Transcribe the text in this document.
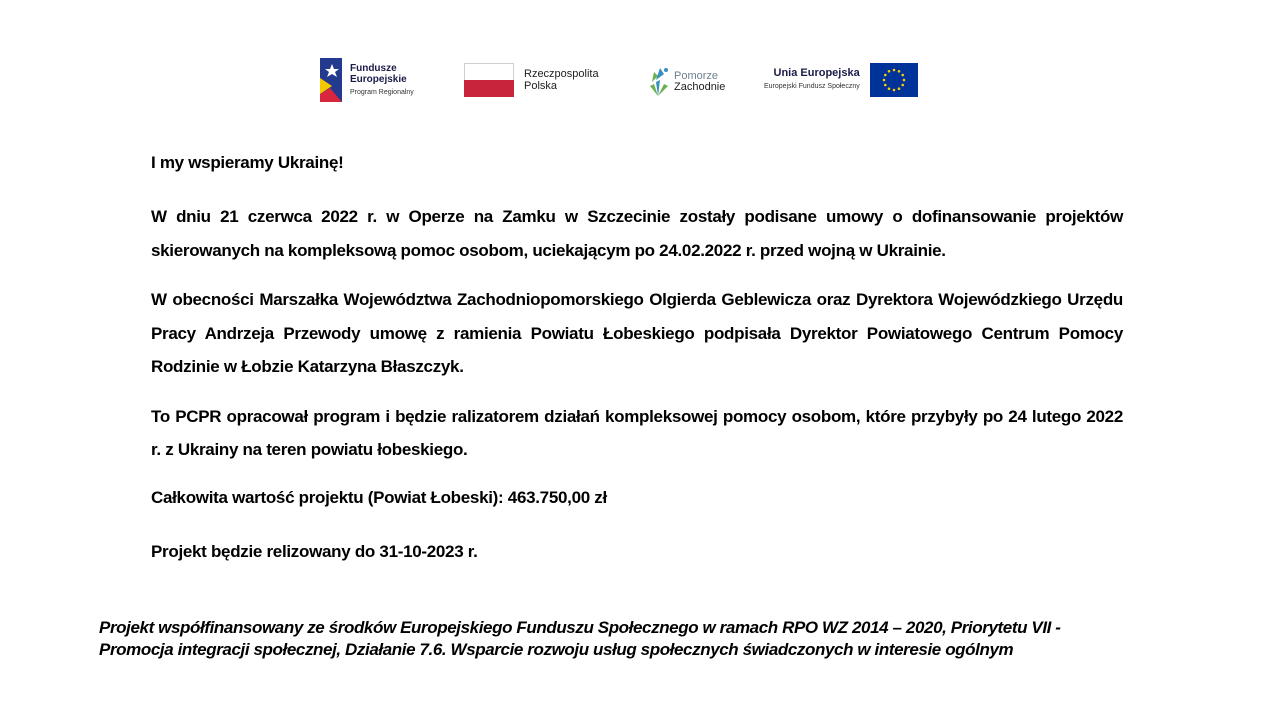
Fundusze
Europejskie
Program Regionalny
Rzeczpospolita
Polska
Pomorze
Zachodnie
Unia Europejska
Europejski Fundusz Społeczny

I my wspieramy Ukrainę!

W dniu 21 czerwca 2022 r. w Operze na Zamku w Szczecinie zostały podisane umowy o dofinansowanie projektów skierowanych na kompleksową pomoc osobom, uciekającym po 24.02.2022 r. przed wojną w Ukrainie.

W obecności Marszałka Województwa Zachodniopomorskiego Olgierda Geblewicza oraz Dyrektora Wojewódzkiego Urzędu Pracy Andrzeja Przewody umowę z ramienia Powiatu Łobeskiego podpisała Dyrektor Powiatowego Centrum Pomocy Rodzinie w Łobzie Katarzyna Błaszczyk.

To PCPR opracował program i będzie ralizatorem działań kompleksowej pomocy osobom, które przybyły po 24 lutego 2022 r. z Ukrainy na teren powiatu łobeskiego.

Całkowita wartość projektu (Powiat Łobeski): 463.750,00 zł

Projekt będzie relizowany do 31-10-2023 r.

Projekt współfinansowany ze środków Europejskiego Funduszu Społecznego w ramach RPO WZ 2014 – 2020, Priorytetu VII - Promocja integracji społecznej, Działanie 7.6. Wsparcie rozwoju usług społecznych świadczonych w interesie ogólnym
